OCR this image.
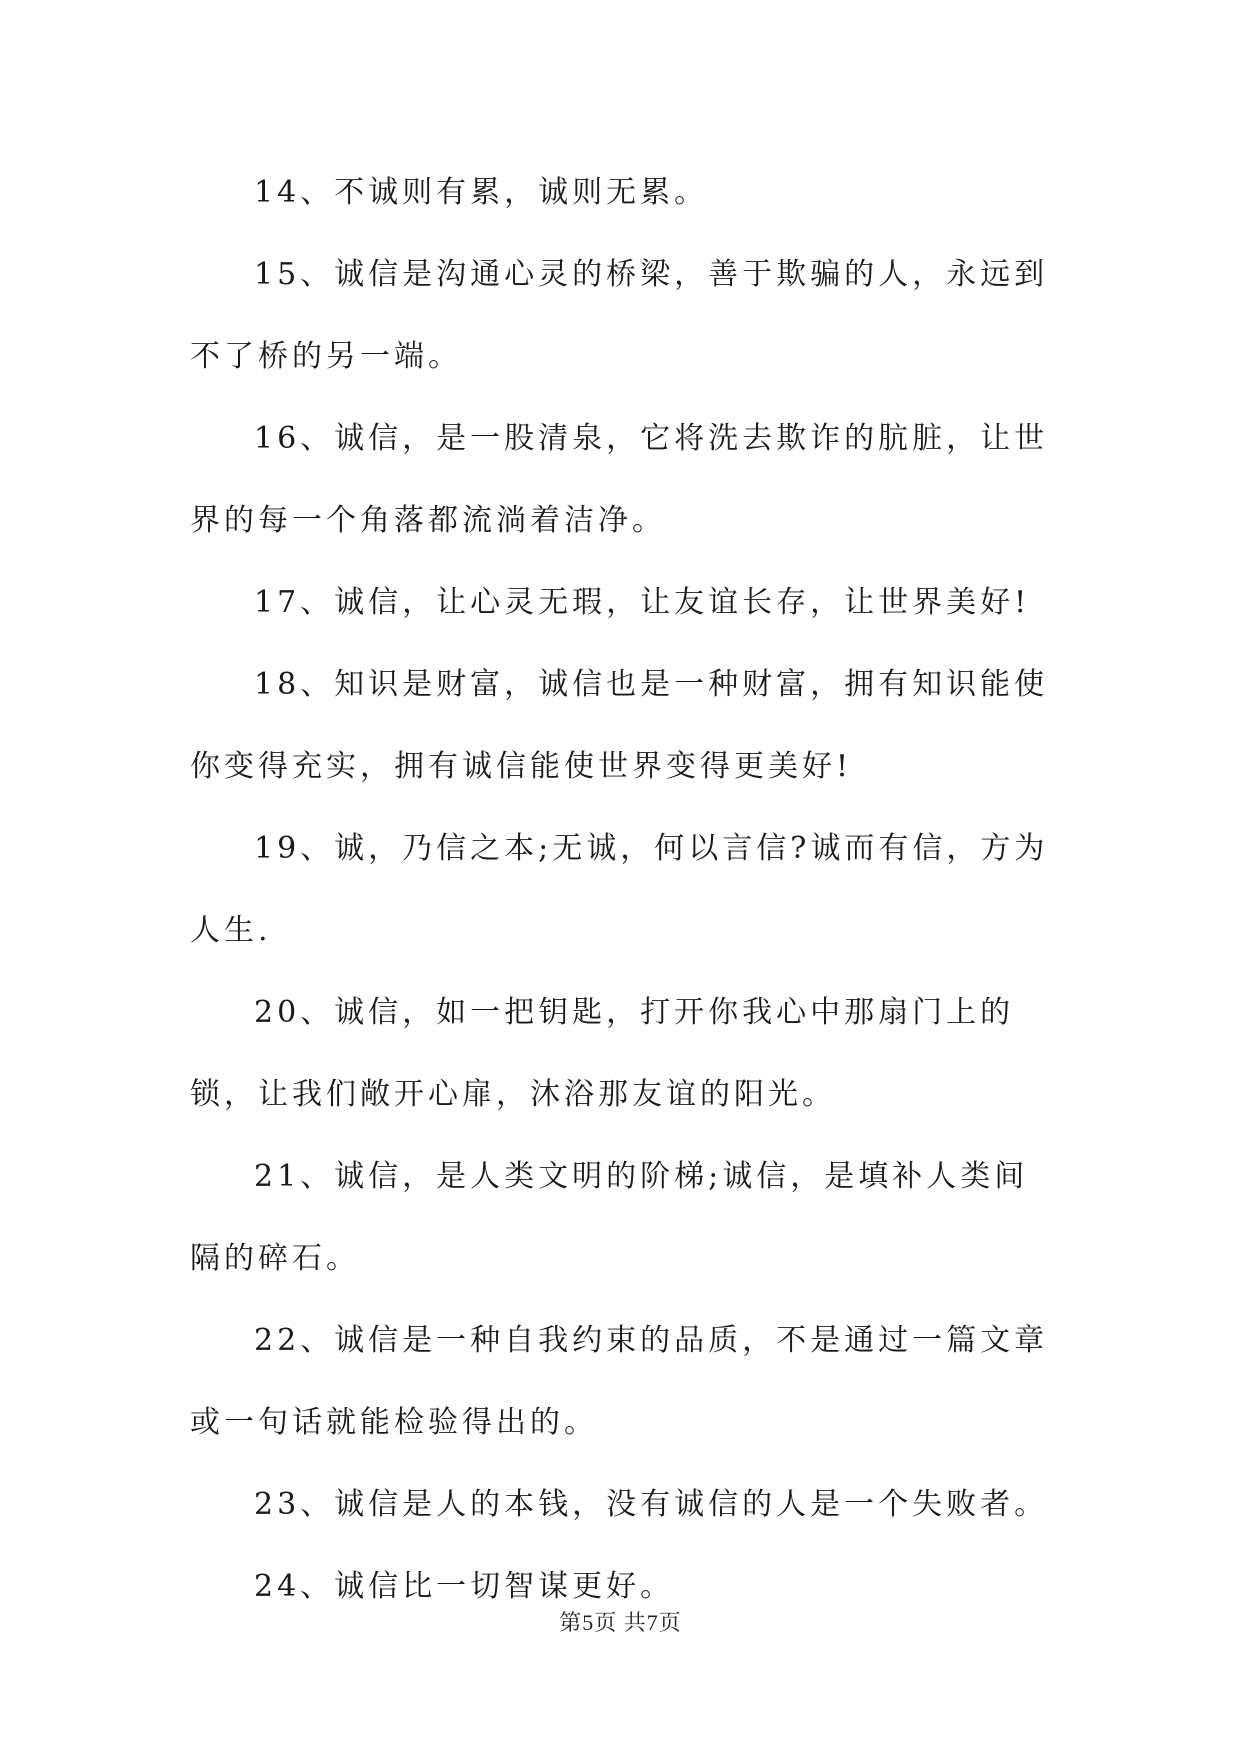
14、不诚则有累，诚则无累。

15、诚信是沟通心灵的桥梁，善于欺骗的人，永远到不了桥的另一端。

16、诚信，是一股清泉，它将洗去欺诈的肮脏，让世界的每一个角落都流淌着洁净。

17、诚信，让心灵无瑕，让友谊长存，让世界美好!

18、知识是财富，诚信也是一种财富，拥有知识能使你变得充实，拥有诚信能使世界变得更美好!

19、诚，乃信之本;无诚，何以言信?诚而有信，方为人生.

20、诚信，如一把钥匙，打开你我心中那扇门上的锁，让我们敞开心扉，沐浴那友谊的阳光。

21、诚信，是人类文明的阶梯;诚信，是填补人类间隔的碎石。

22、诚信是一种自我约束的品质，不是通过一篇文章或一句话就能检验得出的。

23、诚信是人的本钱，没有诚信的人是一个失败者。

24、诚信比一切智谋更好。

第5页 共7页
